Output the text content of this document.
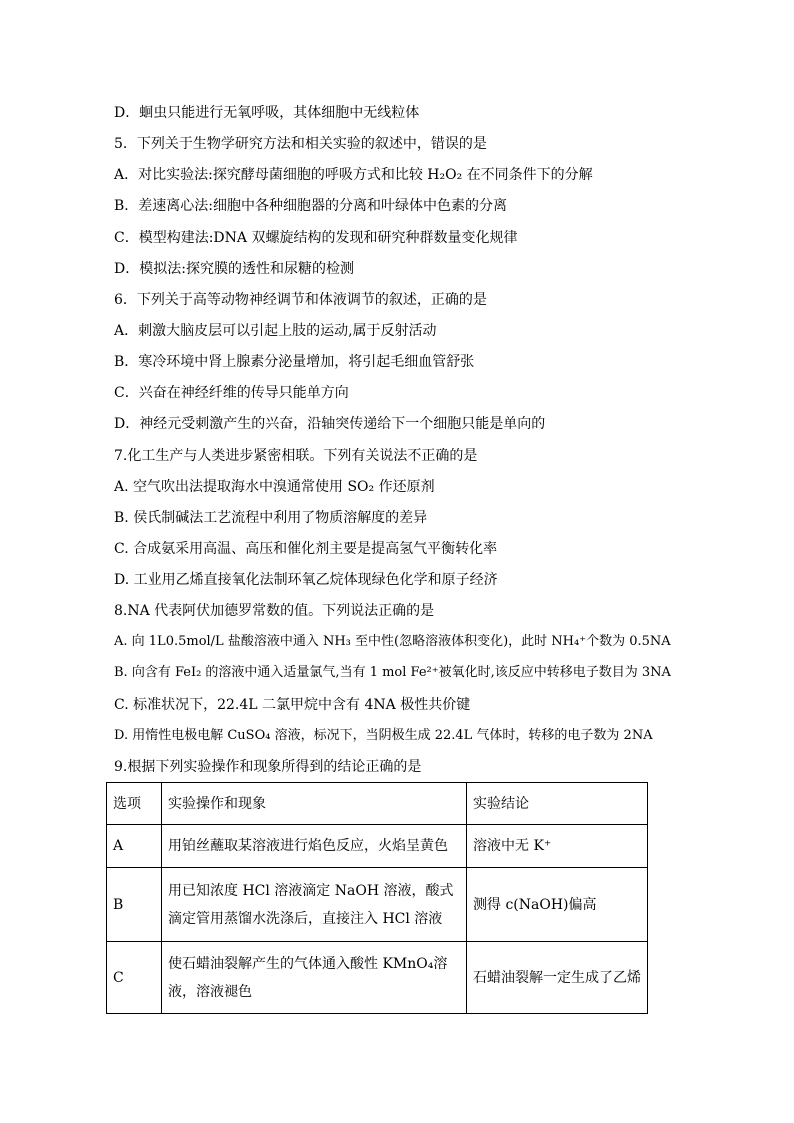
D．蛔虫只能进行无氧呼吸，其体细胞中无线粒体
5．下列关于生物学研究方法和相关实验的叙述中，错误的是
A．对比实验法:探究酵母菌细胞的呼吸方式和比较 H₂O₂ 在不同条件下的分解
B．差速离心法:细胞中各种细胞器的分离和叶绿体中色素的分离
C．模型构建法:DNA 双螺旋结构的发现和研究种群数量变化规律
D．模拟法:探究膜的透性和尿糖的检测
6．下列关于高等动物神经调节和体液调节的叙述，正确的是
A．刺激大脑皮层可以引起上肢的运动,属于反射活动
B．寒冷环境中肾上腺素分泌量增加，将引起毛细血管舒张
C．兴奋在神经纤维的传导只能单方向
D．神经元受刺激产生的兴奋，沿轴突传递给下一个细胞只能是单向的
7.化工生产与人类进步紧密相联。下列有关说法不正确的是
A. 空气吹出法提取海水中溴通常使用 SO₂ 作还原剂
B. 侯氏制碱法工艺流程中利用了物质溶解度的差异
C. 合成氨采用高温、高压和催化剂主要是提高氢气平衡转化率
D. 工业用乙烯直接氧化法制环氧乙烷体现绿色化学和原子经济
8.NA 代表阿伏加德罗常数的值。下列说法正确的是
A. 向 1L0.5mol/L 盐酸溶液中通入 NH₃ 至中性(忽略溶液体积变化)，此时 NH₄⁺个数为 0.5NA
B. 向含有 FeI₂ 的溶液中通入适量氯气,当有 1 mol Fe²⁺被氧化时,该反应中转移电子数目为 3NA
C. 标准状况下，22.4L 二氯甲烷中含有 4NA 极性共价键
D. 用惰性电极电解 CuSO₄ 溶液，标况下，当阴极生成 22.4L 气体时，转移的电子数为 2NA
9.根据下列实验操作和现象所得到的结论正确的是
选项	实验操作和现象	实验结论
A	用铂丝蘸取某溶液进行焰色反应，火焰呈黄色	溶液中无 K⁺
B	用已知浓度 HCl 溶液滴定 NaOH 溶液，酸式滴定管用蒸馏水洗涤后，直接注入 HCl 溶液	测得 c(NaOH)偏高
C	使石蜡油裂解产生的气体通入酸性 KMnO₄溶液，溶液褪色	石蜡油裂解一定生成了乙烯
